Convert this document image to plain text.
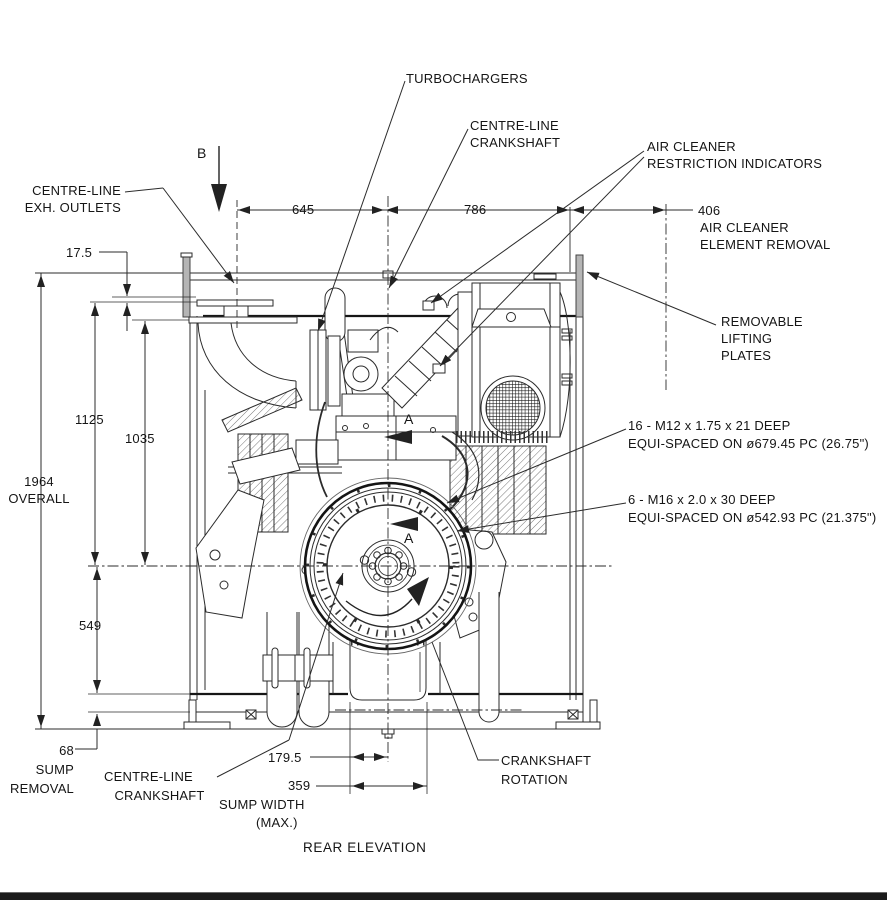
TURBOCHARGERS
CENTRE-LINE
CRANKSHAFT	AIR CLEANER
RESTRICTION INDICATORS
CENTRE-LINE
EXH. OUTLETS
B
17.5
645	786	406
AIR CLEANER
ELEMENT REMOVAL
REMOVABLE
LIFTING
PLATES
16 - M12 x 1.75 x 21 DEEP
EQUI-SPACED ON ø679.45 PC (26.75")
6 - M16 x 2.0 x 30 DEEP
EQUI-SPACED ON ø542.93 PC (21.375")
A
A
1125
1035
1964
OVERALL
549
68
SUMP
REMOVAL
CENTRE-LINE
CRANKSHAFT
179.5
359
SUMP WIDTH
(MAX.)
CRANKSHAFT
ROTATION
REAR ELEVATION
